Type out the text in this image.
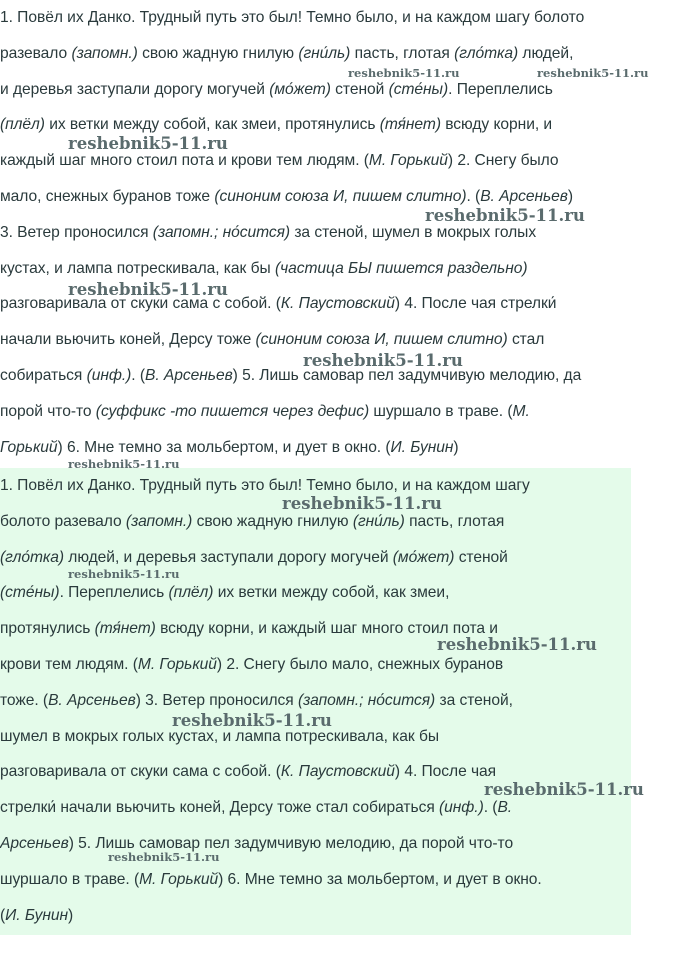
1. Повёл их Данко. Трудный путь это был! Темно было, и на каждом шагу болото
разевало (запомн.) свою жадную гнилую (гни́ль) пасть, глотая (гло́тка) людей,
и деревья заступали дорогу могучей (мо́жет) стеной (сте́ны). Переплелись
(плёл) их ветки между собой, как змеи, протянулись (тя́нет) всюду корни, и
каждый шаг много стоил пота и крови тем людям. (М. Горький) 2. Снегу было
мало, снежных буранов тоже (синоним союза И, пишем слитно). (В. Арсеньев)
3. Ветер проносился (запомн.; но́сится) за стеной, шумел в мокрых голых
кустах, и лампа потрескивала, как бы (частица БЫ пишется раздельно)
разговаривала от скуки сама с собой. (К. Паустовский) 4. После чая стрелки́
начали вьючить коней, Дерсу тоже (синоним союза И, пишем слитно) стал
собираться (инф.). (В. Арсеньев) 5. Лишь самовар пел задумчивую мелодию, да
порой что-то (суффикс -то пишется через дефис) шуршало в траве. (М.
Горький) 6. Мне темно за мольбертом, и дует в окно. (И. Бунин)
1. Повёл их Данко. Трудный путь это был! Темно было, и на каждом шагу
болото разевало (запомн.) свою жадную гнилую (гни́ль) пасть, глотая
(гло́тка) людей, и деревья заступали дорогу могучей (мо́жет) стеной
(сте́ны). Переплелись (плёл) их ветки между собой, как змеи,
протянулись (тя́нет) всюду корни, и каждый шаг много стоил пота и
крови тем людям. (М. Горький) 2. Снегу было мало, снежных буранов
тоже. (В. Арсеньев) 3. Ветер проносился (запомн.; но́сится) за стеной,
шумел в мокрых голых кустах, и лампа потрескивала, как бы
разговаривала от скуки сама с собой. (К. Паустовский) 4. После чая
стрелки́ начали вьючить коней, Дерсу тоже стал собираться (инф.). (В.
Арсеньев) 5. Лишь самовар пел задумчивую мелодию, да порой что-то
шуршало в траве. (М. Горький) 6. Мне темно за мольбертом, и дует в окно.
(И. Бунин)
reshebnik5-11.ru	reshebnik5-11.ru
reshebnik5-11.ru
reshebnik5-11.ru
reshebnik5-11.ru
reshebnik5-11.ru
reshebnik5-11.ru
reshebnik5-11.ru
reshebnik5-11.ru
reshebnik5-11.ru
reshebnik5-11.ru
reshebnik5-11.ru
reshebnik5-11.ru
